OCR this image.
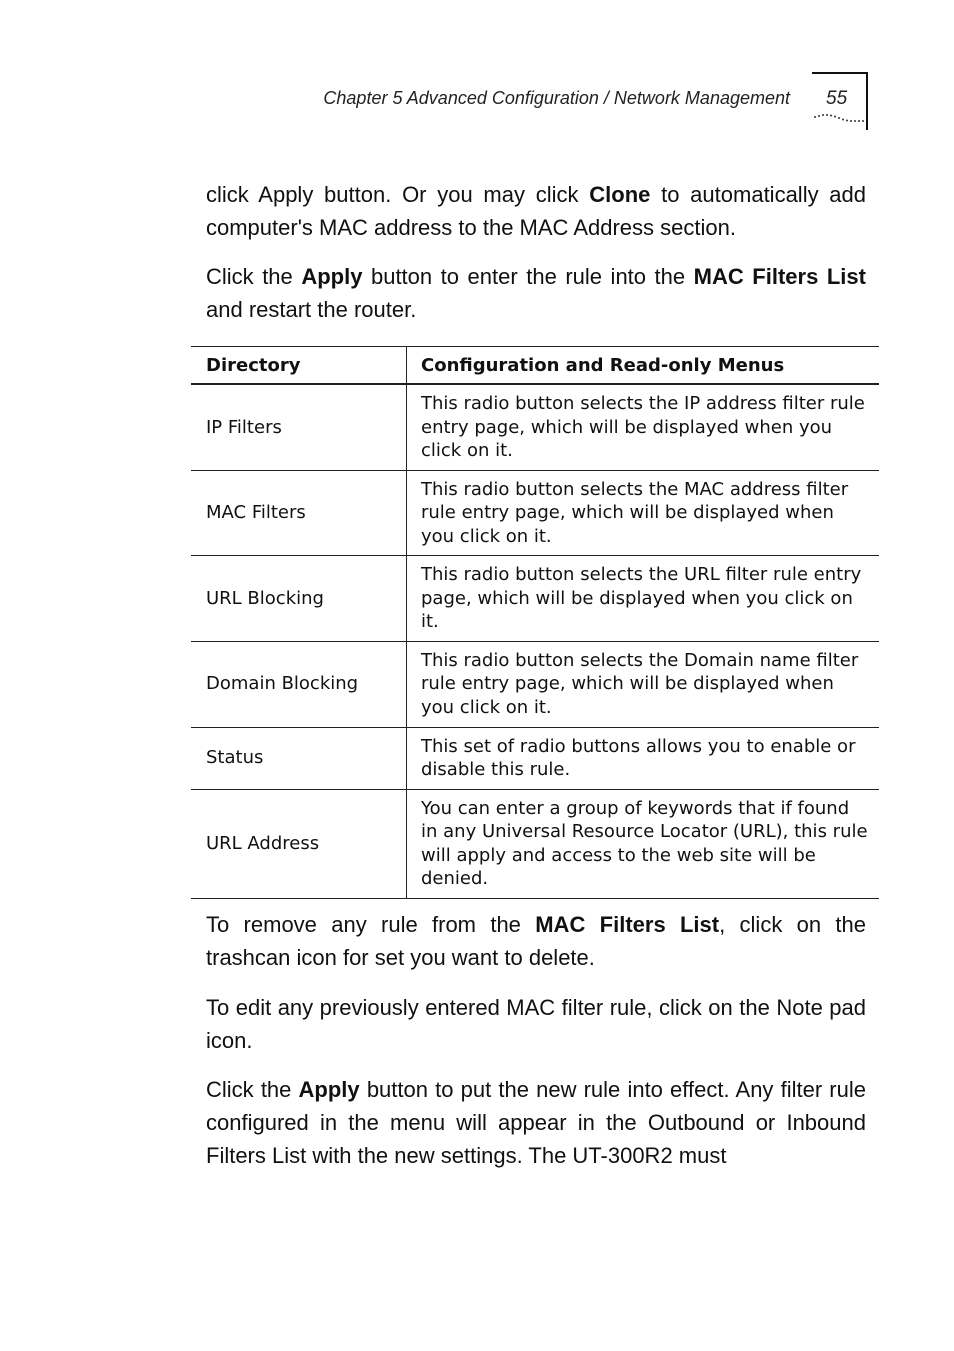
Chapter 5 Advanced Configuration / Network Management 55
click Apply button. Or you may click Clone to automatically add computer's MAC address to the MAC Address section.
Click the Apply button to enter the rule into the MAC Filters List and restart the router.
Directory	Configuration and Read-only Menus
IP Filters	This radio button selects the IP address filter rule entry page, which will be displayed when you click on it.
MAC Filters	This radio button selects the MAC address filter rule entry page, which will be displayed when you click on it.
URL Blocking	This radio button selects the URL filter rule entry page, which will be displayed when you click on it.
Domain Blocking	This radio button selects the Domain name filter rule entry page, which will be displayed when you click on it.
Status	This set of radio buttons allows you to enable or disable this rule.
URL Address	You can enter a group of keywords that if found in any Universal Resource Locator (URL), this rule will apply and access to the web site will be denied.
To remove any rule from the MAC Filters List, click on the trashcan icon for set you want to delete.
To edit any previously entered MAC filter rule, click on the Note pad icon.
Click the Apply button to put the new rule into effect. Any filter rule configured in the menu will appear in the Outbound or Inbound Filters List with the new settings. The UT-300R2 must
